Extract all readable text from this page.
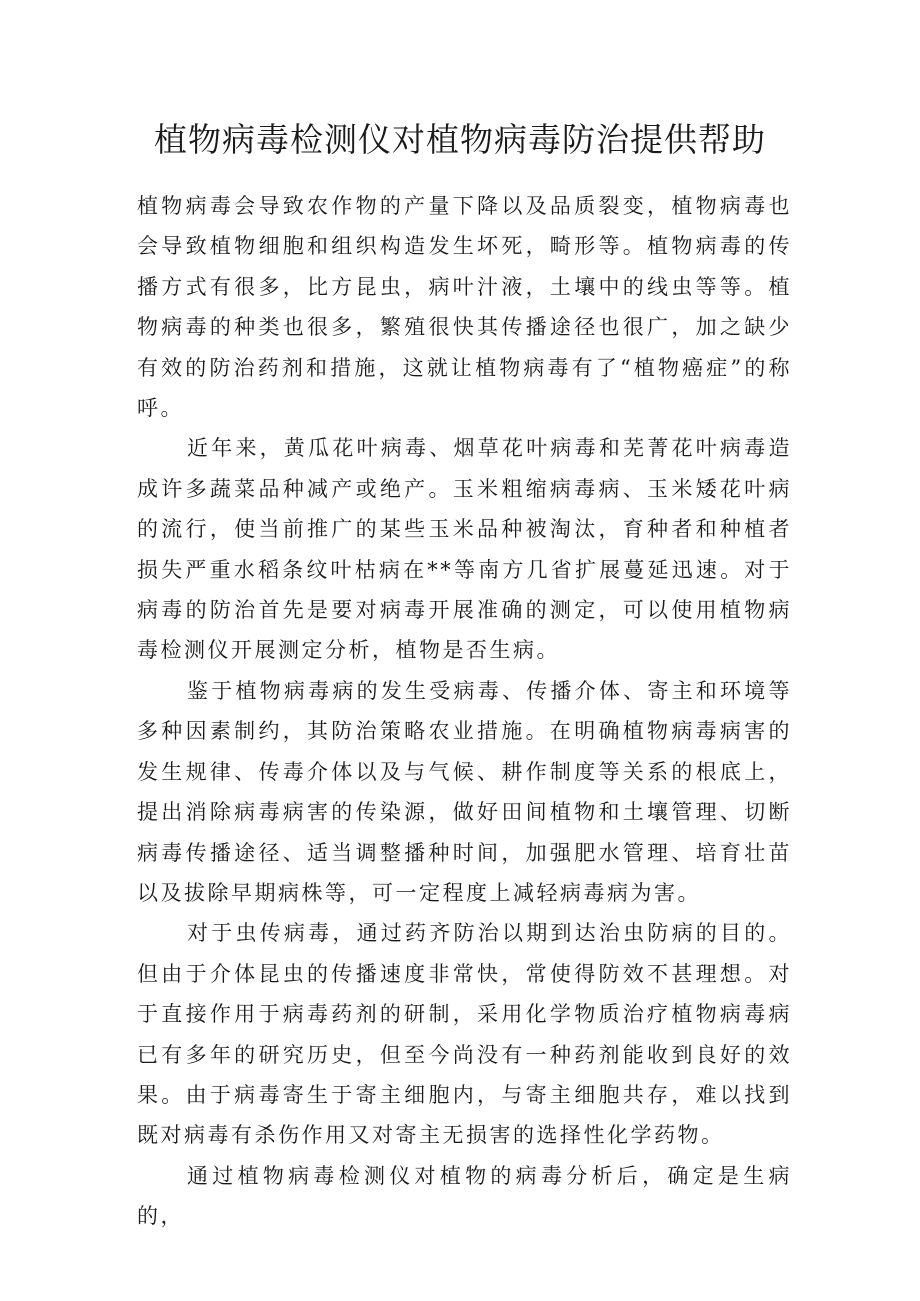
植物病毒检测仪对植物病毒防治提供帮助

植物病毒会导致农作物的产量下降以及品质裂变，植物病毒也会导致植物细胞和组织构造发生坏死，畸形等。植物病毒的传播方式有很多，比方昆虫，病叶汁液，土壤中的线虫等等。植物病毒的种类也很多，繁殖很快其传播途径也很广，加之缺少有效的防治药剂和措施，这就让植物病毒有了“植物癌症”的称呼。

近年来，黄瓜花叶病毒、烟草花叶病毒和芜菁花叶病毒造成许多蔬菜品种减产或绝产。玉米粗缩病毒病、玉米矮花叶病的流行，使当前推广的某些玉米品种被淘汰，育种者和种植者损失严重水稻条纹叶枯病在**等南方几省扩展蔓延迅速。对于病毒的防治首先是要对病毒开展准确的测定，可以使用植物病毒检测仪开展测定分析，植物是否生病。

鉴于植物病毒病的发生受病毒、传播介体、寄主和环境等多种因素制约，其防治策略农业措施。在明确植物病毒病害的发生规律、传毒介体以及与气候、耕作制度等关系的根底上，提出消除病毒病害的传染源，做好田间植物和土壤管理、切断病毒传播途径、适当调整播种时间，加强肥水管理、培育壮苗以及拔除早期病株等，可一定程度上减轻病毒病为害。

对于虫传病毒，通过药齐防治以期到达治虫防病的目的。但由于介体昆虫的传播速度非常快，常使得防效不甚理想。对于直接作用于病毒药剂的研制，采用化学物质治疗植物病毒病已有多年的研究历史，但至今尚没有一种药剂能收到良好的效果。由于病毒寄生于寄主细胞内，与寄主细胞共存，难以找到既对病毒有杀伤作用又对寄主无损害的选择性化学药物。

通过植物病毒检测仪对植物的病毒分析后，确定是生病的，
